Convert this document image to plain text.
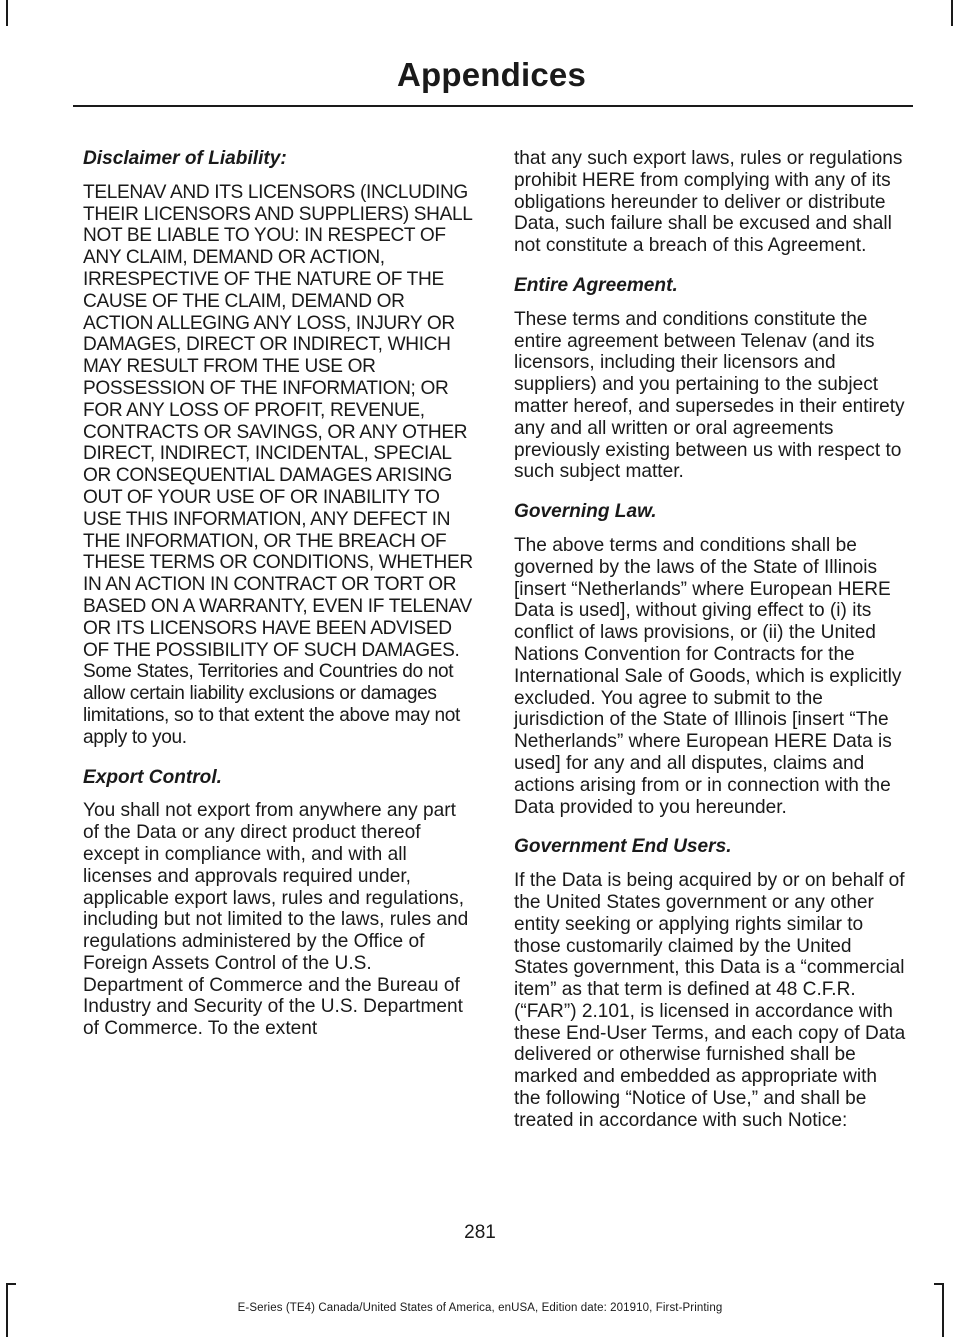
Appendices

Disclaimer of Liability:

TELENAV AND ITS LICENSORS (INCLUDING THEIR LICENSORS AND SUPPLIERS) SHALL NOT BE LIABLE TO YOU: IN RESPECT OF ANY CLAIM, DEMAND OR ACTION, IRRESPECTIVE OF THE NATURE OF THE CAUSE OF THE CLAIM, DEMAND OR ACTION ALLEGING ANY LOSS, INJURY OR DAMAGES, DIRECT OR INDIRECT, WHICH MAY RESULT FROM THE USE OR POSSESSION OF THE INFORMATION; OR FOR ANY LOSS OF PROFIT, REVENUE, CONTRACTS OR SAVINGS, OR ANY OTHER DIRECT, INDIRECT, INCIDENTAL, SPECIAL OR CONSEQUENTIAL DAMAGES ARISING OUT OF YOUR USE OF OR INABILITY TO USE THIS INFORMATION, ANY DEFECT IN THE INFORMATION, OR THE BREACH OF THESE TERMS OR CONDITIONS, WHETHER IN AN ACTION IN CONTRACT OR TORT OR BASED ON A WARRANTY, EVEN IF TELENAV OR ITS LICENSORS HAVE BEEN ADVISED OF THE POSSIBILITY OF SUCH DAMAGES. Some States, Territories and Countries do not allow certain liability exclusions or damages limitations, so to that extent the above may not apply to you.

Export Control.

You shall not export from anywhere any part of the Data or any direct product thereof except in compliance with, and with all licenses and approvals required under, applicable export laws, rules and regulations, including but not limited to the laws, rules and regulations administered by the Office of Foreign Assets Control of the U.S. Department of Commerce and the Bureau of Industry and Security of the U.S. Department of Commerce. To the extent

that any such export laws, rules or regulations prohibit HERE from complying with any of its obligations hereunder to deliver or distribute Data, such failure shall be excused and shall not constitute a breach of this Agreement.

Entire Agreement.

These terms and conditions constitute the entire agreement between Telenav (and its licensors, including their licensors and suppliers) and you pertaining to the subject matter hereof, and supersedes in their entirety any and all written or oral agreements previously existing between us with respect to such subject matter.

Governing Law.

The above terms and conditions shall be governed by the laws of the State of Illinois [insert “Netherlands” where European HERE Data is used], without giving effect to (i) its conflict of laws provisions, or (ii) the United Nations Convention for Contracts for the International Sale of Goods, which is explicitly excluded. You agree to submit to the jurisdiction of the State of Illinois [insert “The Netherlands” where European HERE Data is used] for any and all disputes, claims and actions arising from or in connection with the Data provided to you hereunder.

Government End Users.

If the Data is being acquired by or on behalf of the United States government or any other entity seeking or applying rights similar to those customarily claimed by the United States government, this Data is a “commercial item” as that term is defined at 48 C.F.R. (“FAR”) 2.101, is licensed in accordance with these End-User Terms, and each copy of Data delivered or otherwise furnished shall be marked and embedded as appropriate with the following “Notice of Use,” and shall be treated in accordance with such Notice:

281
E-Series (TE4) Canada/United States of America, enUSA, Edition date: 201910, First-Printing
